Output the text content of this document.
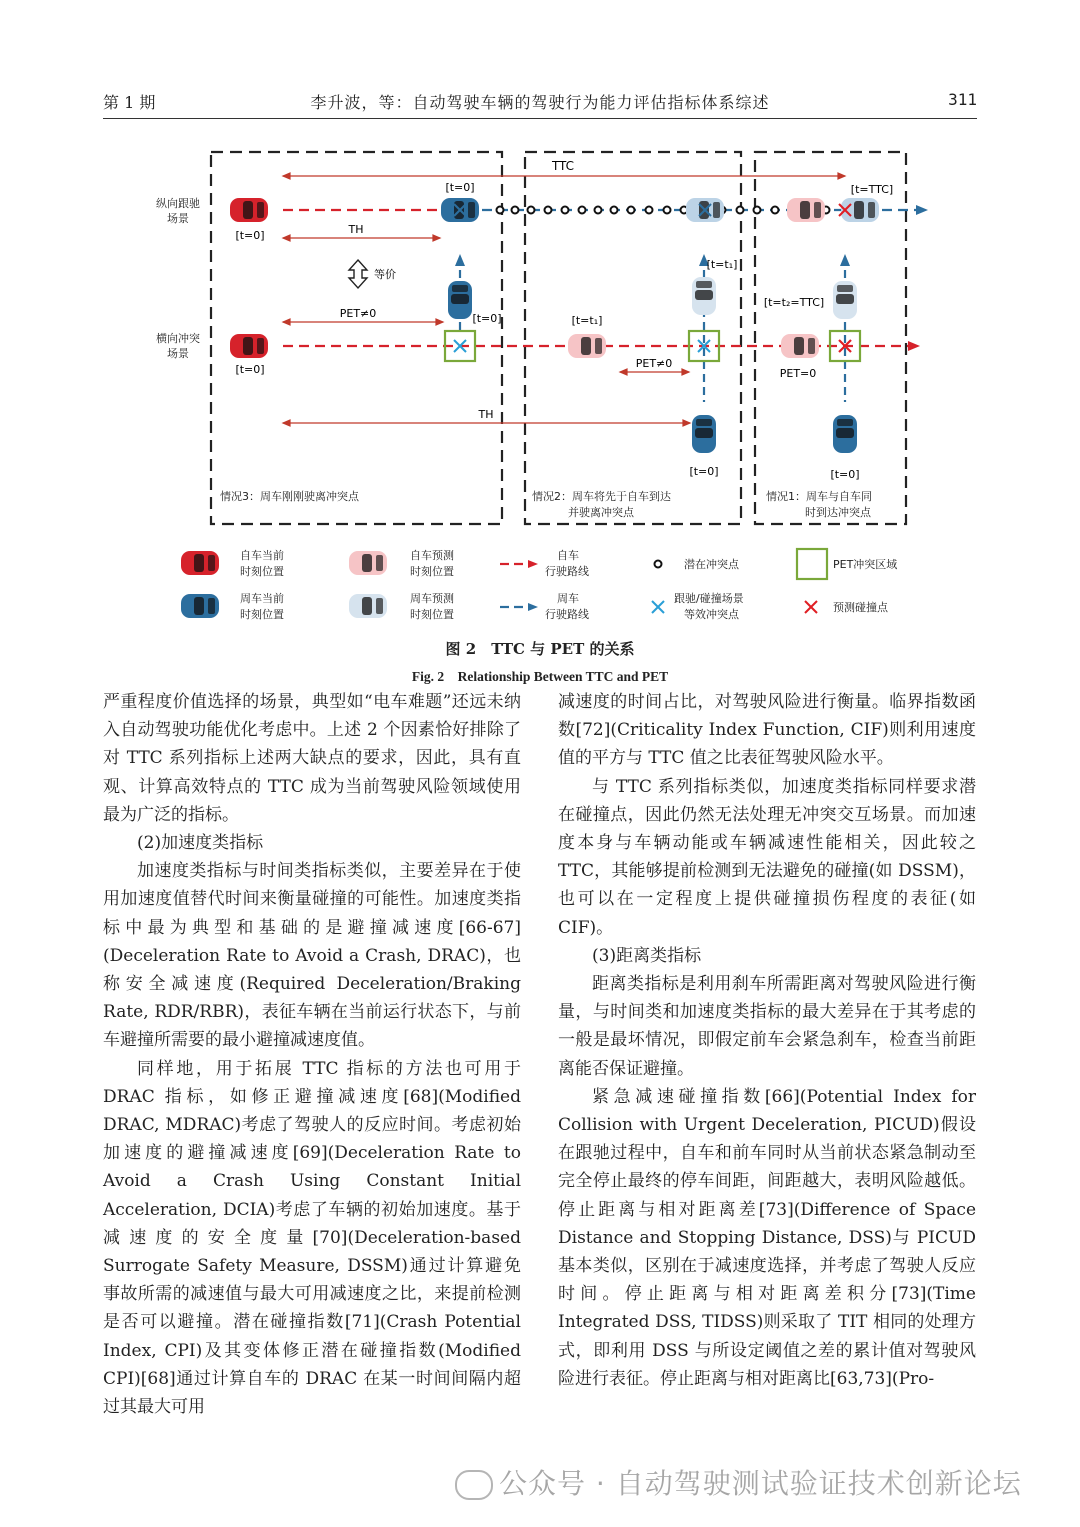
第 1 期	李升波，等：自动驾驶车辆的驾驶行为能力评估指标体系综述	311
纵向跟驰
场景
横向冲突
场景
TTC
[t=0]
[t=0]	[t=TTC]
TH
等价
PET≠0
[t=0]
[t=0]	[t=t₁]
[t=t₁]
PET≠0
[t=0]
[t=t₂=TTC]
PET=0
[t=0]
TH
情况3：周车刚刚驶离冲突点	情况2：周车将先于自车到达
并驶离冲突点
情况1：周车与自车同
时到达冲突点
自车当前
时刻位置
自车预测
时刻位置
自车
行驶路线
潜在冲突点	PET冲突区域
周车当前
时刻位置
周车预测
时刻位置
周车
行驶路线
跟驰/碰撞场景
等效冲突点
预测碰撞点
图 2　TTC 与 PET 的关系
Fig. 2　Relationship Between TTC and PET

严重程度价值选择的场景，典型如“电车难题”还远未纳入自动驾驶功能优化考虑中。上述 2 个因素恰好排除了对 TTC 系列指标上述两大缺点的要求，因此，具有直观、计算高效特点的 TTC 成为当前驾驶风险领域使用最为广泛的指标。

(2)加速度类指标

加速度类指标与时间类指标类似，主要差异在于使用加速度值替代时间来衡量碰撞的可能性。加速度类指标中最为典型和基础的是避撞减速度[66-67](Deceleration Rate to Avoid a Crash, DRAC)，也称安全减速度(Required Deceleration/Braking Rate, RDR/RBR)，表征车辆在当前运行状态下，与前车避撞所需要的最小避撞减速度值。

同样地，用于拓展 TTC 指标的方法也可用于 DRAC 指标，如修正避撞减速度[68](Modified DRAC, MDRAC)考虑了驾驶人的反应时间。考虑初始加速度的避撞减速度[69](Deceleration Rate to Avoid a Crash Using Constant Initial Acceleration, DCIA)考虑了车辆的初始加速度。基于减速度的安全度量[70](Deceleration-based Surrogate Safety Measure, DSSM)通过计算避免事故所需的减速值与最大可用减速度之比，来提前检测是否可以避撞。潜在碰撞指数[71](Crash Potential Index, CPI)及其变体修正潜在碰撞指数(Modified CPI)[68]通过计算自车的 DRAC 在某一时间间隔内超过其最大可用

减速度的时间占比，对驾驶风险进行衡量。临界指数函数[72](Criticality Index Function, CIF)则利用速度值的平方与 TTC 值之比表征驾驶风险水平。

与 TTC 系列指标类似，加速度类指标同样要求潜在碰撞点，因此仍然无法处理无冲突交互场景。而加速度本身与车辆动能或车辆减速性能相关，因此较之 TTC，其能够提前检测到无法避免的碰撞(如 DSSM)，也可以在一定程度上提供碰撞损伤程度的表征(如 CIF)。

(3)距离类指标

距离类指标是利用刹车所需距离对驾驶风险进行衡量，与时间类和加速度类指标的最大差异在于其考虑的一般是最坏情况，即假定前车会紧急刹车，检查当前距离能否保证避撞。

紧急减速碰撞指数[66](Potential Index for Collision with Urgent Deceleration, PICUD)假设在跟驰过程中，自车和前车同时从当前状态紧急制动至完全停止最终的停车间距，间距越大，表明风险越低。停止距离与相对距离差[73](Difference of Space Distance and Stopping Distance, DSS)与 PICUD 基本类似，区别在于减速度选择，并考虑了驾驶人反应时间。停止距离与相对距离差积分[73](Time Integrated DSS, TIDSS)则采取了 TIT 相同的处理方式，即利用 DSS 与所设定阈值之差的累计值对驾驶风险进行表征。停止距离与相对距离比[63,73](Pro-

公众号 · 自动驾驶测试验证技术创新论坛
